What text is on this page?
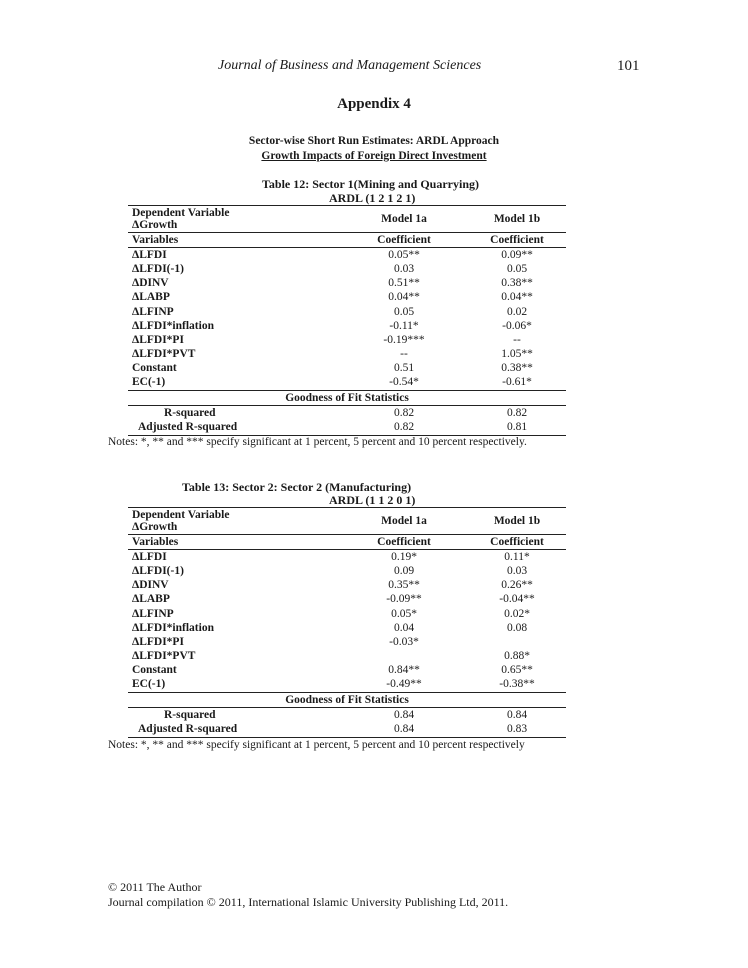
Journal of Business and Management Sciences	101
Appendix 4
Sector-wise Short Run Estimates: ARDL Approach
Growth Impacts of Foreign Direct Investment
Table 12: Sector 1(Mining and Quarrying)
ARDL (1 2 1 2 1)
Dependent Variable
ΔGrowth	Model 1a	Model 1b
Variables	Coefficient	Coefficient
ΔLFDI	0.05**	0.09**
ΔLFDI(-1)	0.03	0.05
ΔDINV	0.51**	0.38**
ΔLABP	0.04**	0.04**
ΔLFINP	0.05	0.02
ΔLFDI*inflation	-0.11*	-0.06*
ΔLFDI*PI	-0.19***	--
ΔLFDI*PVT	--	1.05**
Constant	0.51	0.38**
EC(-1)	-0.54*	-0.61*
Goodness of Fit Statistics		
R-squared	0.82	0.82
Adjusted R-squared	0.82	0.81
Notes: *, ** and *** specify significant at 1 percent, 5 percent and 10 percent respectively.
Table 13: Sector 2: Sector 2 (Manufacturing)
ARDL (1 1 2 0 1)
Dependent Variable
ΔGrowth	Model 1a	Model 1b
Variables	Coefficient	Coefficient
ΔLFDI	0.19*	0.11*
ΔLFDI(-1)	0.09	0.03
ΔDINV	0.35**	0.26**
ΔLABP	-0.09**	-0.04**
ΔLFINP	0.05*	0.02*
ΔLFDI*inflation	0.04	0.08
ΔLFDI*PI	-0.03*	
ΔLFDI*PVT		0.88*
Constant	0.84**	0.65**
EC(-1)	-0.49**	-0.38**
Goodness of Fit Statistics		
R-squared	0.84	0.84
Adjusted R-squared	0.84	0.83
Notes: *, ** and *** specify significant at 1 percent, 5 percent and 10 percent respectively
© 2011 The Author
Journal compilation © 2011, International Islamic University Publishing Ltd, 2011.
